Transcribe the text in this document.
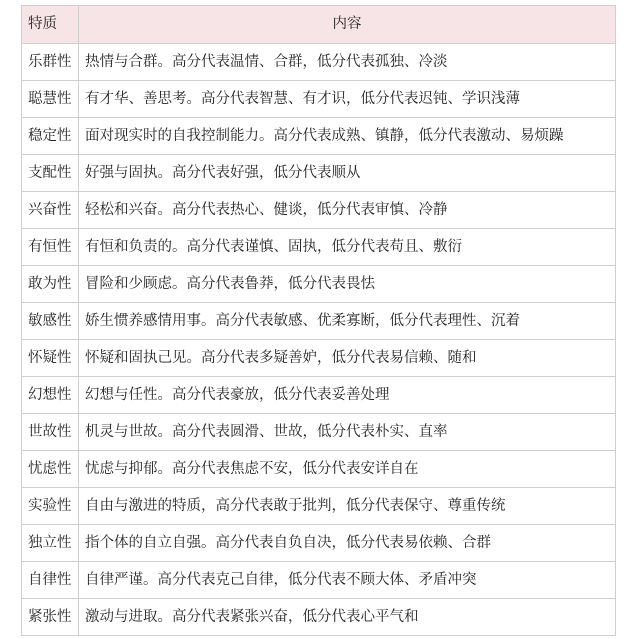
特质	内容
乐群性	热情与合群。高分代表温情、合群，低分代表孤独、冷淡
聪慧性	有才华、善思考。高分代表智慧、有才识，低分代表迟钝、学识浅薄
稳定性	面对现实时的自我控制能力。高分代表成熟、镇静，低分代表激动、易烦躁
支配性	好强与固执。高分代表好强，低分代表顺从
兴奋性	轻松和兴奋。高分代表热心、健谈，低分代表审慎、冷静
有恒性	有恒和负责的。高分代表谨慎、固执，低分代表苟且、敷衍
敢为性	冒险和少顾虑。高分代表鲁莽，低分代表畏怯
敏感性	娇生惯养感情用事。高分代表敏感、优柔寡断，低分代表理性、沉着
怀疑性	怀疑和固执己见。高分代表多疑善妒，低分代表易信赖、随和
幻想性	幻想与任性。高分代表豪放，低分代表妥善处理
世故性	机灵与世故。高分代表圆滑、世故，低分代表朴实、直率
忧虑性	忧虑与抑郁。高分代表焦虑不安，低分代表安详自在
实验性	自由与激进的特质，高分代表敢于批判，低分代表保守、尊重传统
独立性	指个体的自立自强。高分代表自负自决，低分代表易依赖、合群
自律性	自律严谨。高分代表克己自律，低分代表不顾大体、矛盾冲突
紧张性	激动与进取。高分代表紧张兴奋，低分代表心平气和
